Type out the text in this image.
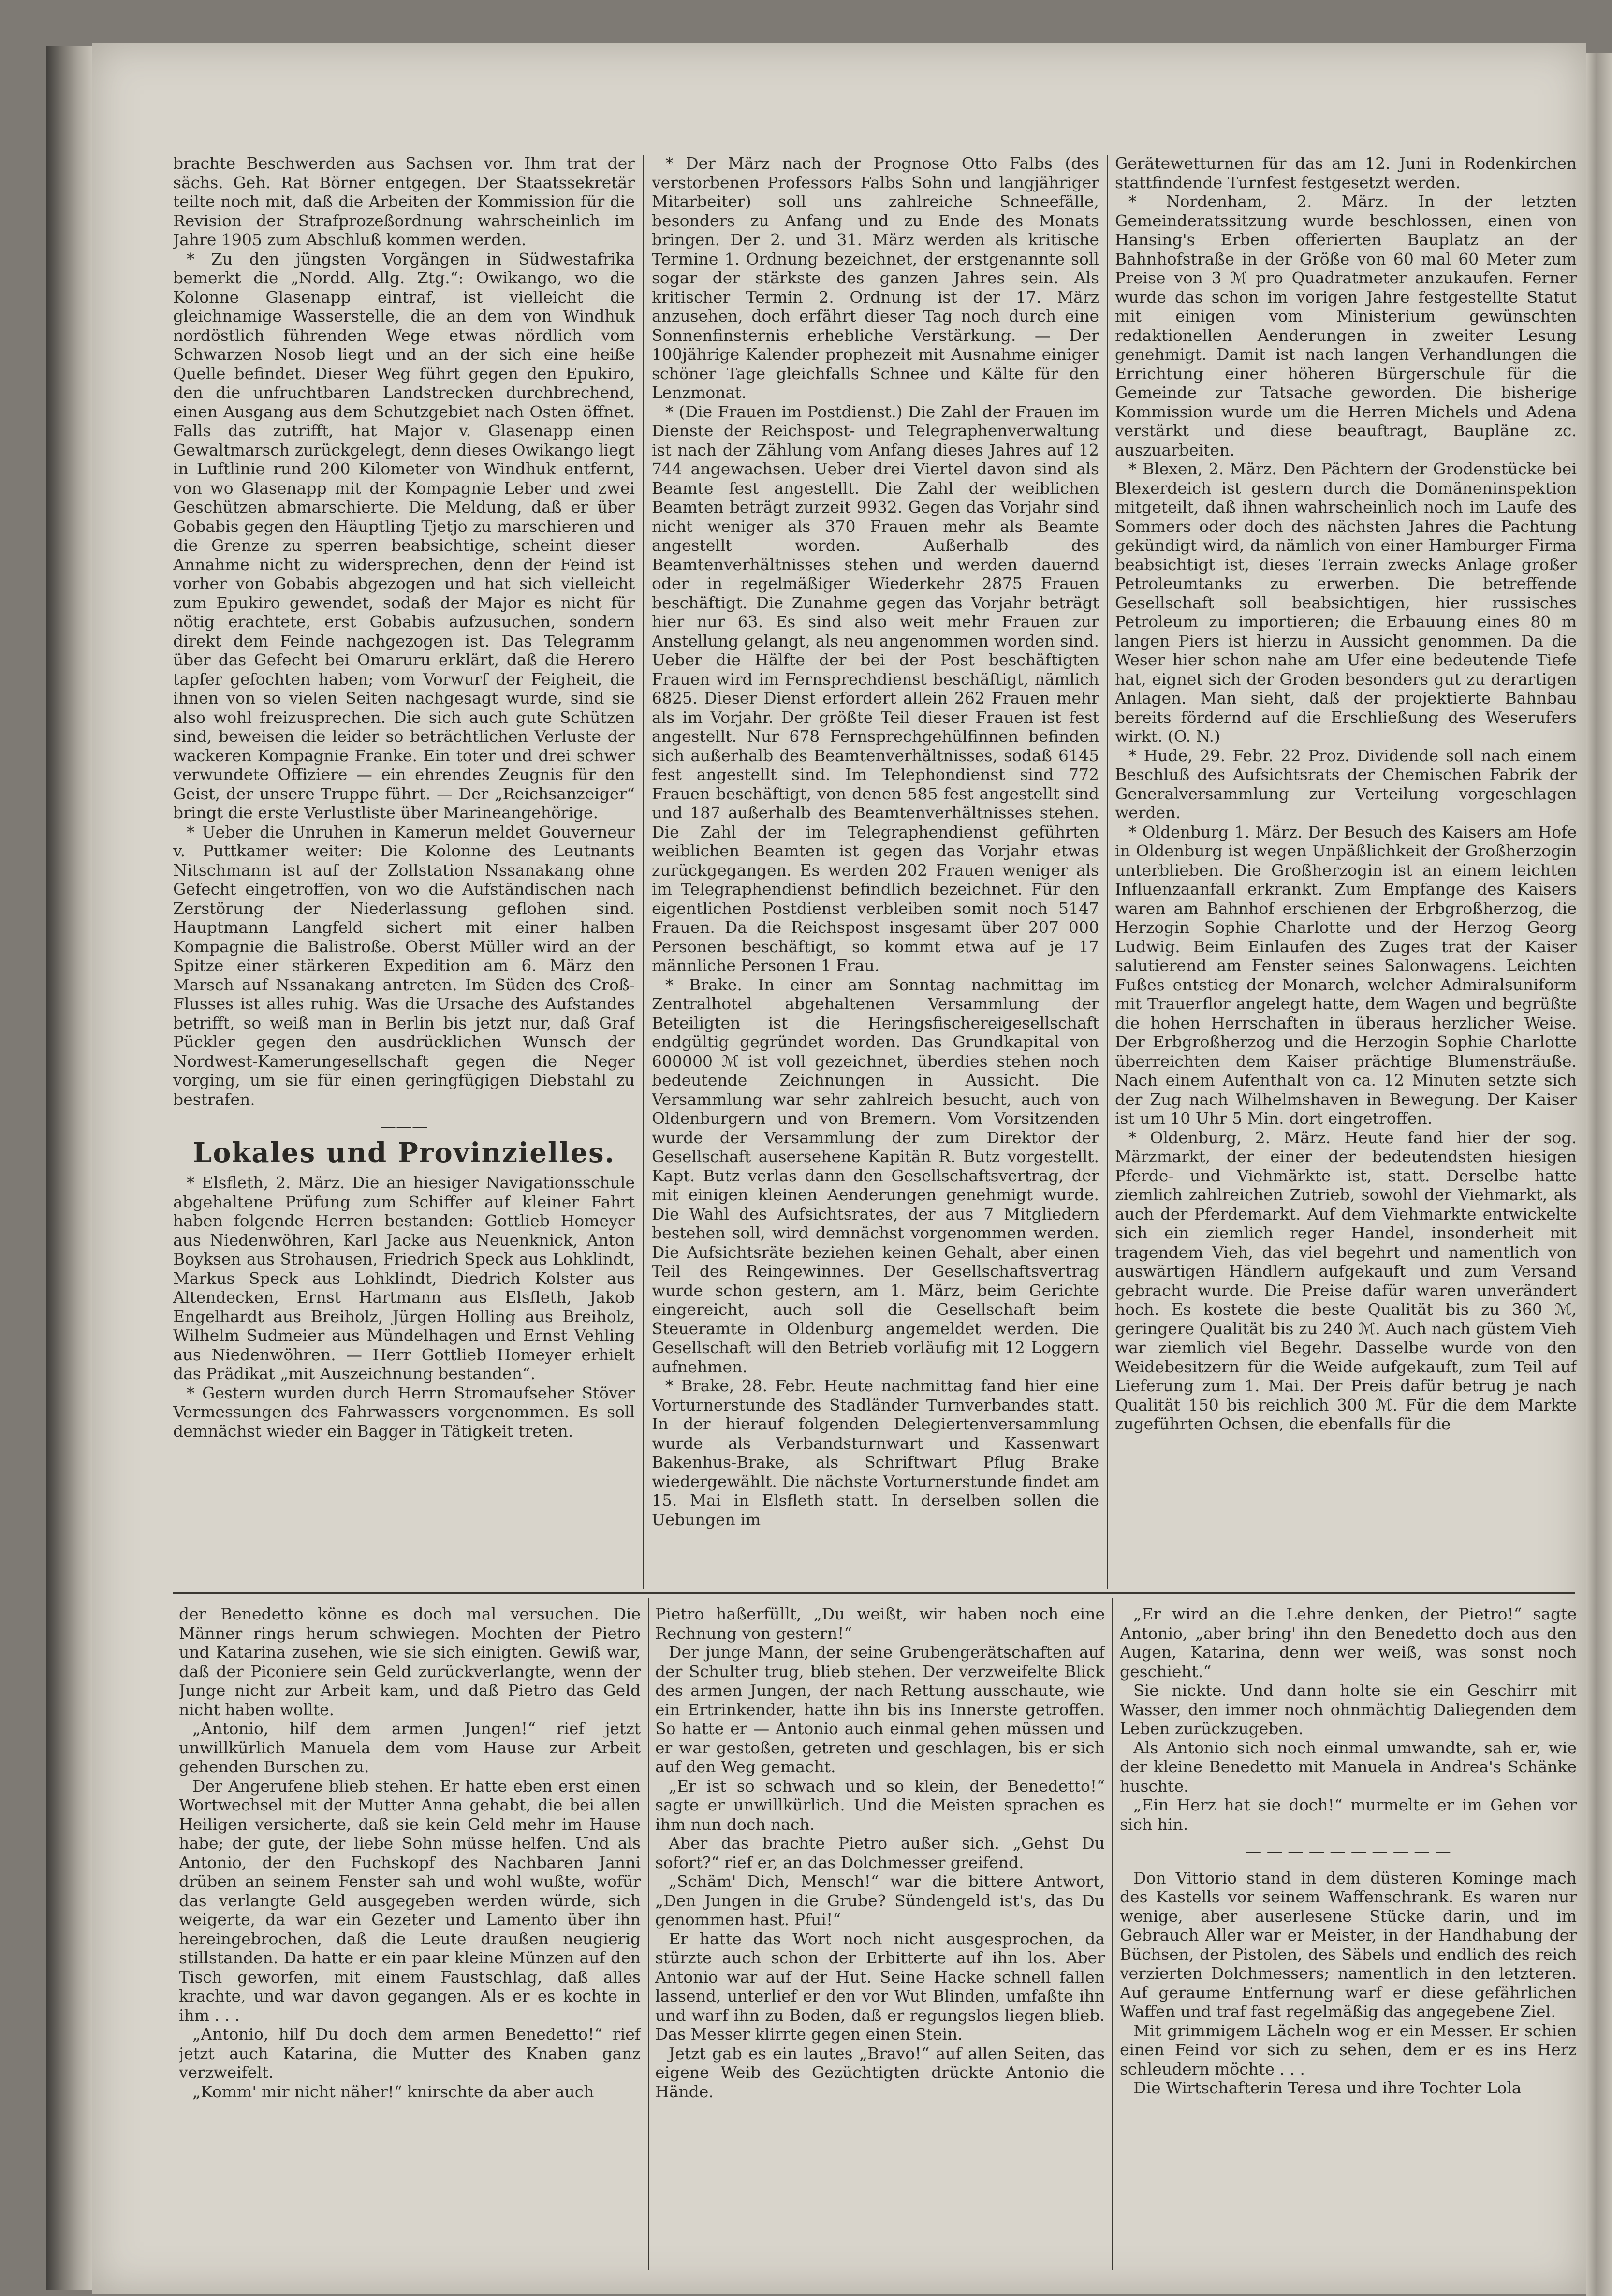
brachte Beschwerden aus Sachsen vor. Ihm trat der sächs. Geh. Rat Börner entgegen. Der Staatssekretär teilte noch mit, daß die Arbeiten der Kommission für die Revision der Strafprozeßordnung wahrscheinlich im Jahre 1905 zum Abschluß kommen werden.

* Zu den jüngsten Vorgängen in Südwestafrika bemerkt die „Nordd. Allg. Ztg.“: Owikango, wo die Kolonne Glasenapp eintraf, ist vielleicht die gleichnamige Wasserstelle, die an dem von Windhuk nordöstlich führenden Wege etwas nördlich vom Schwarzen Nosob liegt und an der sich eine heiße Quelle befindet. Dieser Weg führt gegen den Epukiro, den die unfruchtbaren Landstrecken durchbrechend, einen Ausgang aus dem Schutzgebiet nach Osten öffnet. Falls das zutrifft, hat Major v. Glasenapp einen Gewaltmarsch zurückgelegt, denn dieses Owikango liegt in Luftlinie rund 200 Kilometer von Windhuk entfernt, von wo Glasenapp mit der Kompagnie Leber und zwei Geschützen abmarschierte. Die Meldung, daß er über Gobabis gegen den Häuptling Tjetjo zu marschieren und die Grenze zu sperren beabsichtige, scheint dieser Annahme nicht zu widersprechen, denn der Feind ist vorher von Gobabis abgezogen und hat sich vielleicht zum Epukiro gewendet, sodaß der Major es nicht für nötig erachtete, erst Gobabis aufzusuchen, sondern direkt dem Feinde nachgezogen ist. Das Telegramm über das Gefecht bei Omaruru erklärt, daß die Herero tapfer gefochten haben; vom Vorwurf der Feigheit, die ihnen von so vielen Seiten nachgesagt wurde, sind sie also wohl freizusprechen. Die sich auch gute Schützen sind, beweisen die leider so beträchtlichen Verluste der wackeren Kompagnie Franke. Ein toter und drei schwer verwundete Offiziere — ein ehrendes Zeugnis für den Geist, der unsere Truppe führt. — Der „Reichsanzeiger“ bringt die erste Verlustliste über Marineangehörige.

* Ueber die Unruhen in Kamerun meldet Gouverneur v. Puttkamer weiter: Die Kolonne des Leutnants Nitschmann ist auf der Zollstation Nssanakang ohne Gefecht eingetroffen, von wo die Aufständischen nach Zerstörung der Niederlassung geflohen sind. Hauptmann Langfeld sichert mit einer halben Kompagnie die Balistroße. Oberst Müller wird an der Spitze einer stärkeren Expedition am 6. März den Marsch auf Nssanakang antreten. Im Süden des Croß-Flusses ist alles ruhig. Was die Ursache des Aufstandes betrifft, so weiß man in Berlin bis jetzt nur, daß Graf Pückler gegen den ausdrücklichen Wunsch der Nordwest-Kamerungesellschaft gegen die Neger vorging, um sie für einen geringfügigen Diebstahl zu bestrafen.

———
Lokales und Provinzielles.

* Elsfleth, 2. März. Die an hiesiger Navigationsschule abgehaltene Prüfung zum Schiffer auf kleiner Fahrt haben folgende Herren bestanden: Gottlieb Homeyer aus Niedenwöhren, Karl Jacke aus Neuenknick, Anton Boyksen aus Strohausen, Friedrich Speck aus Lohklindt, Markus Speck aus Lohklindt, Diedrich Kolster aus Altendecken, Ernst Hartmann aus Elsfleth, Jakob Engelhardt aus Breiholz, Jürgen Holling aus Breiholz, Wilhelm Sudmeier aus Mündelhagen und Ernst Vehling aus Niedenwöhren. — Herr Gottlieb Homeyer erhielt das Prädikat „mit Auszeichnung bestanden“.

* Gestern wurden durch Herrn Stromaufseher Stöver Vermessungen des Fahrwassers vorgenommen. Es soll demnächst wieder ein Bagger in Tätigkeit treten.

* Der März nach der Prognose Otto Falbs (des verstorbenen Professors Falbs Sohn und langjähriger Mitarbeiter) soll uns zahlreiche Schneefälle, besonders zu Anfang und zu Ende des Monats bringen. Der 2. und 31. März werden als kritische Termine 1. Ordnung bezeichnet, der erstgenannte soll sogar der stärkste des ganzen Jahres sein. Als kritischer Termin 2. Ordnung ist der 17. März anzusehen, doch erfährt dieser Tag noch durch eine Sonnenfinsternis erhebliche Verstärkung. — Der 100jährige Kalender prophezeit mit Ausnahme einiger schöner Tage gleichfalls Schnee und Kälte für den Lenzmonat.

* (Die Frauen im Postdienst.) Die Zahl der Frauen im Dienste der Reichspost- und Telegraphenverwaltung ist nach der Zählung vom Anfang dieses Jahres auf 12 744 angewachsen. Ueber drei Viertel davon sind als Beamte fest angestellt. Die Zahl der weiblichen Beamten beträgt zurzeit 9932. Gegen das Vorjahr sind nicht weniger als 370 Frauen mehr als Beamte angestellt worden. Außerhalb des Beamtenverhältnisses stehen und werden dauernd oder in regelmäßiger Wiederkehr 2875 Frauen beschäftigt. Die Zunahme gegen das Vorjahr beträgt hier nur 63. Es sind also weit mehr Frauen zur Anstellung gelangt, als neu angenommen worden sind. Ueber die Hälfte der bei der Post beschäftigten Frauen wird im Fernsprechdienst beschäftigt, nämlich 6825. Dieser Dienst erfordert allein 262 Frauen mehr als im Vorjahr. Der größte Teil dieser Frauen ist fest angestellt. Nur 678 Fernsprechgehülfinnen befinden sich außerhalb des Beamtenverhältnisses, sodaß 6145 fest angestellt sind. Im Telephondienst sind 772 Frauen beschäftigt, von denen 585 fest angestellt sind und 187 außerhalb des Beamtenverhältnisses stehen. Die Zahl der im Telegraphendienst geführten weiblichen Beamten ist gegen das Vorjahr etwas zurückgegangen. Es werden 202 Frauen weniger als im Telegraphendienst befindlich bezeichnet. Für den eigentlichen Postdienst verbleiben somit noch 5147 Frauen. Da die Reichspost insgesamt über 207 000 Personen beschäftigt, so kommt etwa auf je 17 männliche Personen 1 Frau.

* Brake. In einer am Sonntag nachmittag im Zentralhotel abgehaltenen Versammlung der Beteiligten ist die Heringsfischereigesellschaft endgültig gegründet worden. Das Grundkapital von 600000 ℳ ist voll gezeichnet, überdies stehen noch bedeutende Zeichnungen in Aussicht. Die Versammlung war sehr zahlreich besucht, auch von Oldenburgern und von Bremern. Vom Vorsitzenden wurde der Versammlung der zum Direktor der Gesellschaft ausersehene Kapitän R. Butz vorgestellt. Kapt. Butz verlas dann den Gesellschaftsvertrag, der mit einigen kleinen Aenderungen genehmigt wurde. Die Wahl des Aufsichtsrates, der aus 7 Mitgliedern bestehen soll, wird demnächst vorgenommen werden. Die Aufsichtsräte beziehen keinen Gehalt, aber einen Teil des Reingewinnes. Der Gesellschaftsvertrag wurde schon gestern, am 1. März, beim Gerichte eingereicht, auch soll die Gesellschaft beim Steueramte in Oldenburg angemeldet werden. Die Gesellschaft will den Betrieb vorläufig mit 12 Loggern aufnehmen.

* Brake, 28. Febr. Heute nachmittag fand hier eine Vorturnerstunde des Stadländer Turnverbandes statt. In der hierauf folgenden Delegiertenversammlung wurde als Verbandsturnwart und Kassenwart Bakenhus-Brake, als Schriftwart Pflug Brake wiedergewählt. Die nächste Vorturnerstunde findet am 15. Mai in Elsfleth statt. In derselben sollen die Uebungen im

Gerätewetturnen für das am 12. Juni in Rodenkirchen stattfindende Turnfest festgesetzt werden.

* Nordenham, 2. März. In der letzten Gemeinderatssitzung wurde beschlossen, einen von Hansing's Erben offerierten Bauplatz an der Bahnhofstraße in der Größe von 60 mal 60 Meter zum Preise von 3 ℳ pro Quadratmeter anzukaufen. Ferner wurde das schon im vorigen Jahre festgestellte Statut mit einigen vom Ministerium gewünschten redaktionellen Aenderungen in zweiter Lesung genehmigt. Damit ist nach langen Verhandlungen die Errichtung einer höheren Bürgerschule für die Gemeinde zur Tatsache geworden. Die bisherige Kommission wurde um die Herren Michels und Adena verstärkt und diese beauftragt, Baupläne zc. auszuarbeiten.

* Blexen, 2. März. Den Pächtern der Grodenstücke bei Blexerdeich ist gestern durch die Domäneninspektion mitgeteilt, daß ihnen wahrscheinlich noch im Laufe des Sommers oder doch des nächsten Jahres die Pachtung gekündigt wird, da nämlich von einer Hamburger Firma beabsichtigt ist, dieses Terrain zwecks Anlage großer Petroleumtanks zu erwerben. Die betreffende Gesellschaft soll beabsichtigen, hier russisches Petroleum zu importieren; die Erbauung eines 80 m langen Piers ist hierzu in Aussicht genommen. Da die Weser hier schon nahe am Ufer eine bedeutende Tiefe hat, eignet sich der Groden besonders gut zu derartigen Anlagen. Man sieht, daß der projektierte Bahnbau bereits fördernd auf die Erschließung des Weserufers wirkt. (O. N.)

* Hude, 29. Febr. 22 Proz. Dividende soll nach einem Beschluß des Aufsichtsrats der Chemischen Fabrik der Generalversammlung zur Verteilung vorgeschlagen werden.

* Oldenburg 1. März. Der Besuch des Kaisers am Hofe in Oldenburg ist wegen Unpäßlichkeit der Großherzogin unterblieben. Die Großherzogin ist an einem leichten Influenzaanfall erkrankt. Zum Empfange des Kaisers waren am Bahnhof erschienen der Erbgroßherzog, die Herzogin Sophie Charlotte und der Herzog Georg Ludwig. Beim Einlaufen des Zuges trat der Kaiser salutierend am Fenster seines Salonwagens. Leichten Fußes entstieg der Monarch, welcher Admiralsuniform mit Trauerflor angelegt hatte, dem Wagen und begrüßte die hohen Herrschaften in überaus herzlicher Weise. Der Erbgroßherzog und die Herzogin Sophie Charlotte überreichten dem Kaiser prächtige Blumensträuße. Nach einem Aufenthalt von ca. 12 Minuten setzte sich der Zug nach Wilhelmshaven in Bewegung. Der Kaiser ist um 10 Uhr 5 Min. dort eingetroffen.

* Oldenburg, 2. März. Heute fand hier der sog. Märzmarkt, der einer der bedeutendsten hiesigen Pferde- und Viehmärkte ist, statt. Derselbe hatte ziemlich zahlreichen Zutrieb, sowohl der Viehmarkt, als auch der Pferdemarkt. Auf dem Viehmarkte entwickelte sich ein ziemlich reger Handel, insonderheit mit tragendem Vieh, das viel begehrt und namentlich von auswärtigen Händlern aufgekauft und zum Versand gebracht wurde. Die Preise dafür waren unverändert hoch. Es kostete die beste Qualität bis zu 360 ℳ, geringere Qualität bis zu 240 ℳ. Auch nach güstem Vieh war ziemlich viel Begehr. Dasselbe wurde von den Weidebesitzern für die Weide aufgekauft, zum Teil auf Lieferung zum 1. Mai. Der Preis dafür betrug je nach Qualität 150 bis reichlich 300 ℳ. Für die dem Markte zugeführten Ochsen, die ebenfalls für die

der Benedetto könne es doch mal versuchen. Die Männer rings herum schwiegen. Mochten der Pietro und Katarina zusehen, wie sie sich einigten. Gewiß war, daß der Piconiere sein Geld zurückverlangte, wenn der Junge nicht zur Arbeit kam, und daß Pietro das Geld nicht haben wollte.

„Antonio, hilf dem armen Jungen!“ rief jetzt unwillkürlich Manuela dem vom Hause zur Arbeit gehenden Burschen zu.

Der Angerufene blieb stehen. Er hatte eben erst einen Wortwechsel mit der Mutter Anna gehabt, die bei allen Heiligen versicherte, daß sie kein Geld mehr im Hause habe; der gute, der liebe Sohn müsse helfen. Und als Antonio, der den Fuchskopf des Nachbaren Janni drüben an seinem Fenster sah und wohl wußte, wofür das verlangte Geld ausgegeben werden würde, sich weigerte, da war ein Gezeter und Lamento über ihn hereingebrochen, daß die Leute draußen neugierig stillstanden. Da hatte er ein paar kleine Münzen auf den Tisch geworfen, mit einem Faustschlag, daß alles krachte, und war davon gegangen. Als er es kochte in ihm . . .

„Antonio, hilf Du doch dem armen Benedetto!“ rief jetzt auch Katarina, die Mutter des Knaben ganz verzweifelt.

„Komm' mir nicht näher!“ knirschte da aber auch

Pietro haßerfüllt, „Du weißt, wir haben noch eine Rechnung von gestern!“

Der junge Mann, der seine Grubengerätschaften auf der Schulter trug, blieb stehen. Der verzweifelte Blick des armen Jungen, der nach Rettung ausschaute, wie ein Ertrinkender, hatte ihn bis ins Innerste getroffen. So hatte er — Antonio auch einmal gehen müssen und er war gestoßen, getreten und geschlagen, bis er sich auf den Weg gemacht.

„Er ist so schwach und so klein, der Benedetto!“ sagte er unwillkürlich. Und die Meisten sprachen es ihm nun doch nach.

Aber das brachte Pietro außer sich. „Gehst Du sofort?“ rief er, an das Dolchmesser greifend.

„Schäm' Dich, Mensch!“ war die bittere Antwort, „Den Jungen in die Grube? Sündengeld ist's, das Du genommen hast. Pfui!“

Er hatte das Wort noch nicht ausgesprochen, da stürzte auch schon der Erbitterte auf ihn los. Aber Antonio war auf der Hut. Seine Hacke schnell fallen lassend, unterlief er den vor Wut Blinden, umfaßte ihn und warf ihn zu Boden, daß er regungslos liegen blieb. Das Messer klirrte gegen einen Stein.

Jetzt gab es ein lautes „Bravo!“ auf allen Seiten, das eigene Weib des Gezüchtigten drückte Antonio die Hände.

„Er wird an die Lehre denken, der Pietro!“ sagte Antonio, „aber bring' ihn den Benedetto doch aus den Augen, Katarina, denn wer weiß, was sonst noch geschieht.“

Sie nickte. Und dann holte sie ein Geschirr mit Wasser, den immer noch ohnmächtig Daliegenden dem Leben zurückzugeben.

Als Antonio sich noch einmal umwandte, sah er, wie der kleine Benedetto mit Manuela in Andrea's Schänke huschte.

„Ein Herz hat sie doch!“ murmelte er im Gehen vor sich hin.

— — — — — — — — — —

Don Vittorio stand in dem düsteren Kominge mach des Kastells vor seinem Waffenschrank. Es waren nur wenige, aber auserlesene Stücke darin, und im Gebrauch Aller war er Meister, in der Handhabung der Büchsen, der Pistolen, des Säbels und endlich des reich verzierten Dolchmessers; namentlich in den letzteren. Auf geraume Entfernung warf er diese gefährlichen Waffen und traf fast regelmäßig das angegebene Ziel.

Mit grimmigem Lächeln wog er ein Messer. Er schien einen Feind vor sich zu sehen, dem er es ins Herz schleudern möchte . . .

Die Wirtschafterin Teresa und ihre Tochter Lola
